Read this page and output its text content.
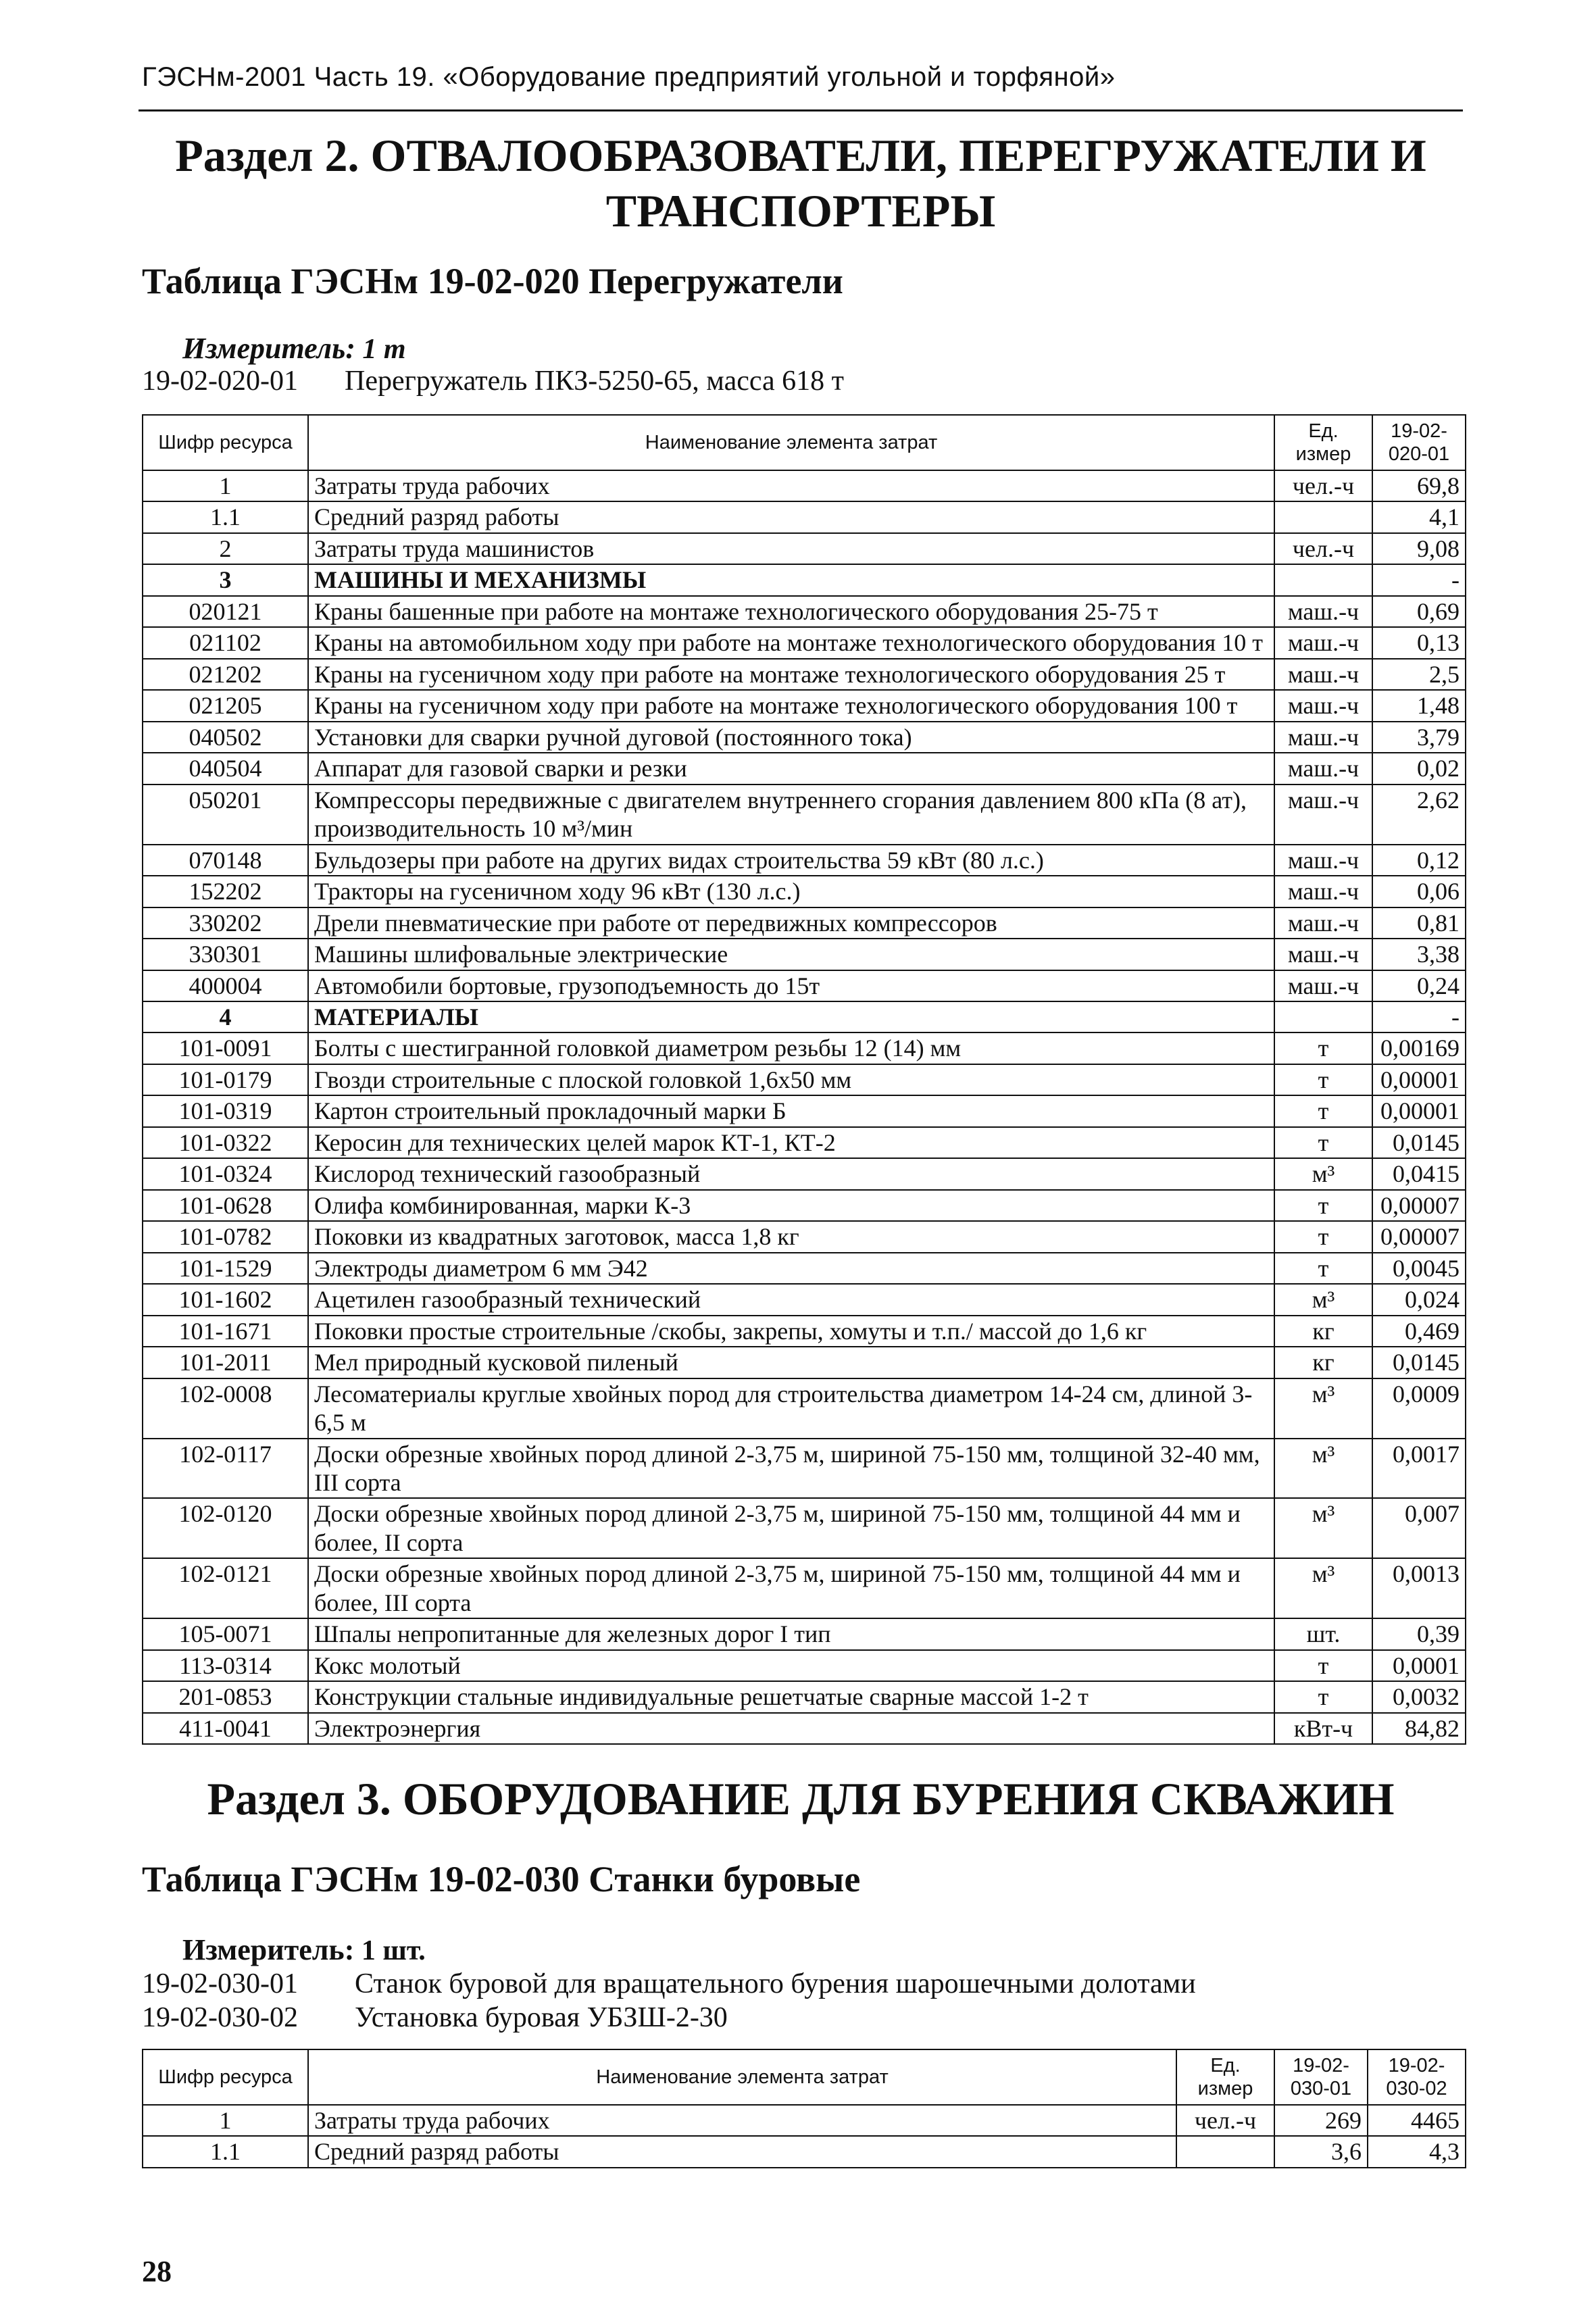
ГЭСНм-2001 Часть 19. «Оборудование предприятий угольной и торфяной»
Раздел 2. ОТВАЛООБРАЗОВАТЕЛИ, ПЕРЕГРУЖАТЕЛИ И
ТРАНСПОРТЕРЫ
Таблица ГЭСНм 19-02-020 Перегружатели
Измеритель: 1 т
19-02-020-01 Перегружатель ПКЗ-5250-65, масса 618 т
Шифр ресурса	Наименование элемента затрат	Ед. измер	19-02-020-01
1	Затраты труда рабочих	чел.-ч	69,8
1.1	Средний разряд работы		4,1
2	Затраты труда машинистов	чел.-ч	9,08
3	МАШИНЫ И МЕХАНИЗМЫ		-
020121	Краны башенные при работе на монтаже технологического оборудования 25-75 т	маш.-ч	0,69
021102	Краны на автомобильном ходу при работе на монтаже технологического оборудования 10 т	маш.-ч	0,13
021202	Краны на гусеничном ходу при работе на монтаже технологического оборудования 25 т	маш.-ч	2,5
021205	Краны на гусеничном ходу при работе на монтаже технологического оборудования 100 т	маш.-ч	1,48
040502	Установки для сварки ручной дуговой (постоянного тока)	маш.-ч	3,79
040504	Аппарат для газовой сварки и резки	маш.-ч	0,02
050201	Компрессоры передвижные с двигателем внутреннего сгорания давлением 800 кПа (8 ат), производительность 10 м³/мин	маш.-ч	2,62
070148	Бульдозеры при работе на других видах строительства 59 кВт (80 л.с.)	маш.-ч	0,12
152202	Тракторы на гусеничном ходу 96 кВт (130 л.с.)	маш.-ч	0,06
330202	Дрели пневматические при работе от передвижных компрессоров	маш.-ч	0,81
330301	Машины шлифовальные электрические	маш.-ч	3,38
400004	Автомобили бортовые, грузоподъемность до 15т	маш.-ч	0,24
4	МАТЕРИАЛЫ		-
101-0091	Болты с шестигранной головкой диаметром резьбы 12 (14) мм	т	0,00169
101-0179	Гвозди строительные с плоской головкой 1,6х50 мм	т	0,00001
101-0319	Картон строительный прокладочный марки Б	т	0,00001
101-0322	Керосин для технических целей марок КТ-1, КТ-2	т	0,0145
101-0324	Кислород технический газообразный	м³	0,0415
101-0628	Олифа комбинированная, марки К-3	т	0,00007
101-0782	Поковки из квадратных заготовок, масса 1,8 кг	т	0,00007
101-1529	Электроды диаметром 6 мм Э42	т	0,0045
101-1602	Ацетилен газообразный технический	м³	0,024
101-1671	Поковки простые строительные /скобы, закрепы, хомуты и т.п./ массой до 1,6 кг	кг	0,469
101-2011	Мел природный кусковой пиленый	кг	0,0145
102-0008	Лесоматериалы круглые хвойных пород для строительства диаметром 14-24 см, длиной 3-6,5 м	м³	0,0009
102-0117	Доски обрезные хвойных пород длиной 2-3,75 м, шириной 75-150 мм, толщиной 32-40 мм, III сорта	м³	0,0017
102-0120	Доски обрезные хвойных пород длиной 2-3,75 м, шириной 75-150 мм, толщиной 44 мм и более, II сорта	м³	0,007
102-0121	Доски обрезные хвойных пород длиной 2-3,75 м, шириной 75-150 мм, толщиной 44 мм и более, III сорта	м³	0,0013
105-0071	Шпалы непропитанные для железных дорог I тип	шт.	0,39
113-0314	Кокс молотый	т	0,0001
201-0853	Конструкции стальные индивидуальные решетчатые сварные массой 1-2 т	т	0,0032
411-0041	Электроэнергия	кВт-ч	84,82
Раздел 3. ОБОРУДОВАНИЕ ДЛЯ БУРЕНИЯ СКВАЖИН
Таблица ГЭСНм 19-02-030 Станки буровые
Измеритель: 1 шт.
19-02-030-01 Станок буровой для вращательного бурения шарошечными долотами
19-02-030-02 Установка буровая УБЗШ-2-30
Шифр ресурса	Наименование элемента затрат	Ед. измер	19-02-030-01	19-02-030-02
1	Затраты труда рабочих	чел.-ч	269	4465
1.1	Средний разряд работы		3,6	4,3
28
